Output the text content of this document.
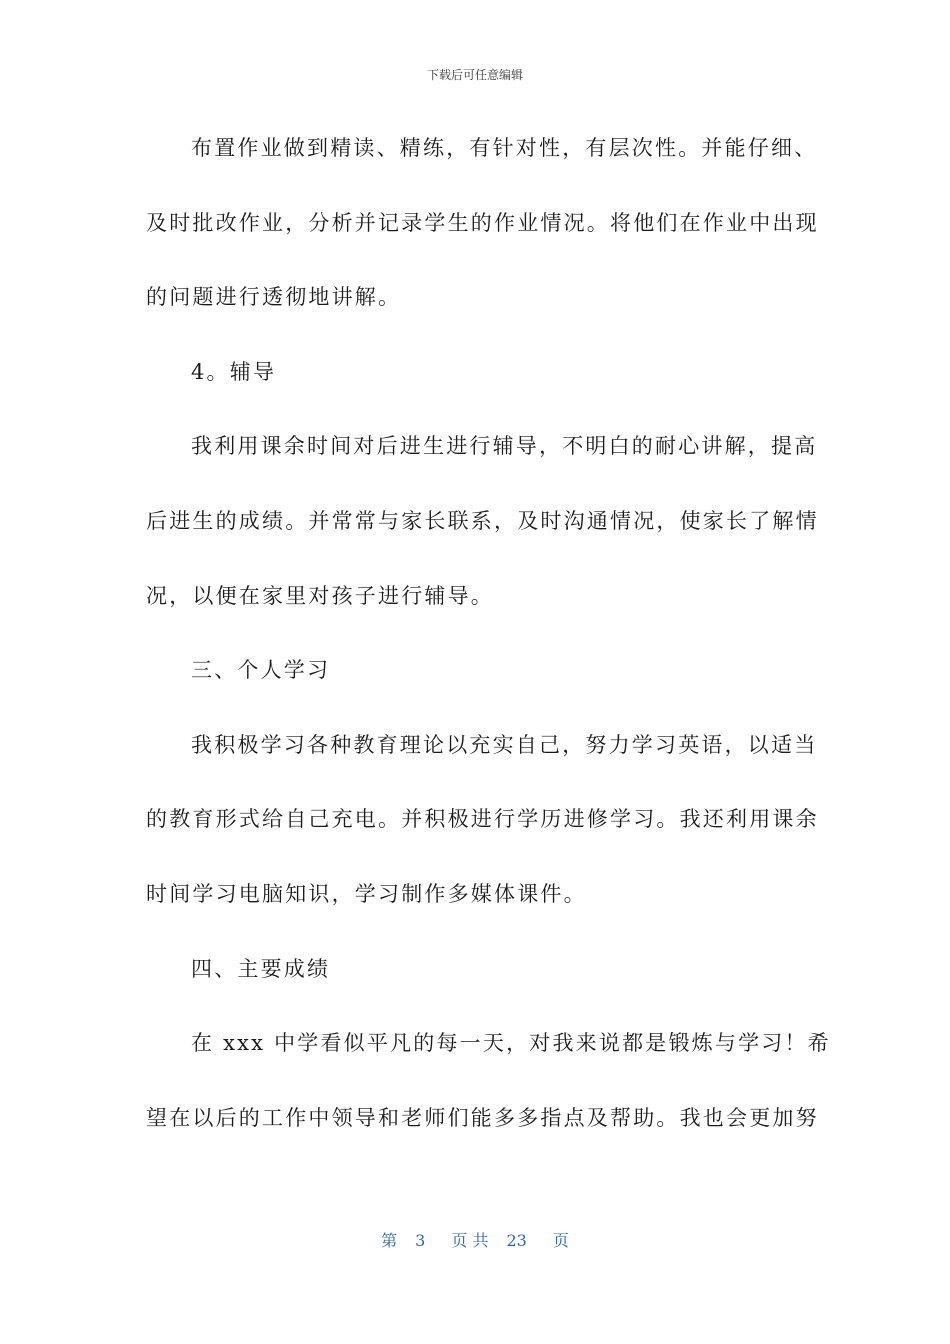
下载后可任意编辑
布置作业做到精读、精练，有针对性，有层次性。并能仔细、
及时批改作业，分析并记录学生的作业情况。将他们在作业中出现
的问题进行透彻地讲解。
4。辅导
我利用课余时间对后进生进行辅导，不明白的耐心讲解，提高
后进生的成绩。并常常与家长联系，及时沟通情况，使家长了解情
况，以便在家里对孩子进行辅导。
三、个人学习
我积极学习各种教育理论以充实自己，努力学习英语，以适当
的教育形式给自己充电。并积极进行学历进修学习。我还利用课余
时间学习电脑知识，学习制作多媒体课件。
四、主要成绩
在 xxx 中学看似平凡的每一天，对我来说都是锻炼与学习！希
望在以后的工作中领导和老师们能多多指点及帮助。我也会更加努
第 3 页 共 23 页
